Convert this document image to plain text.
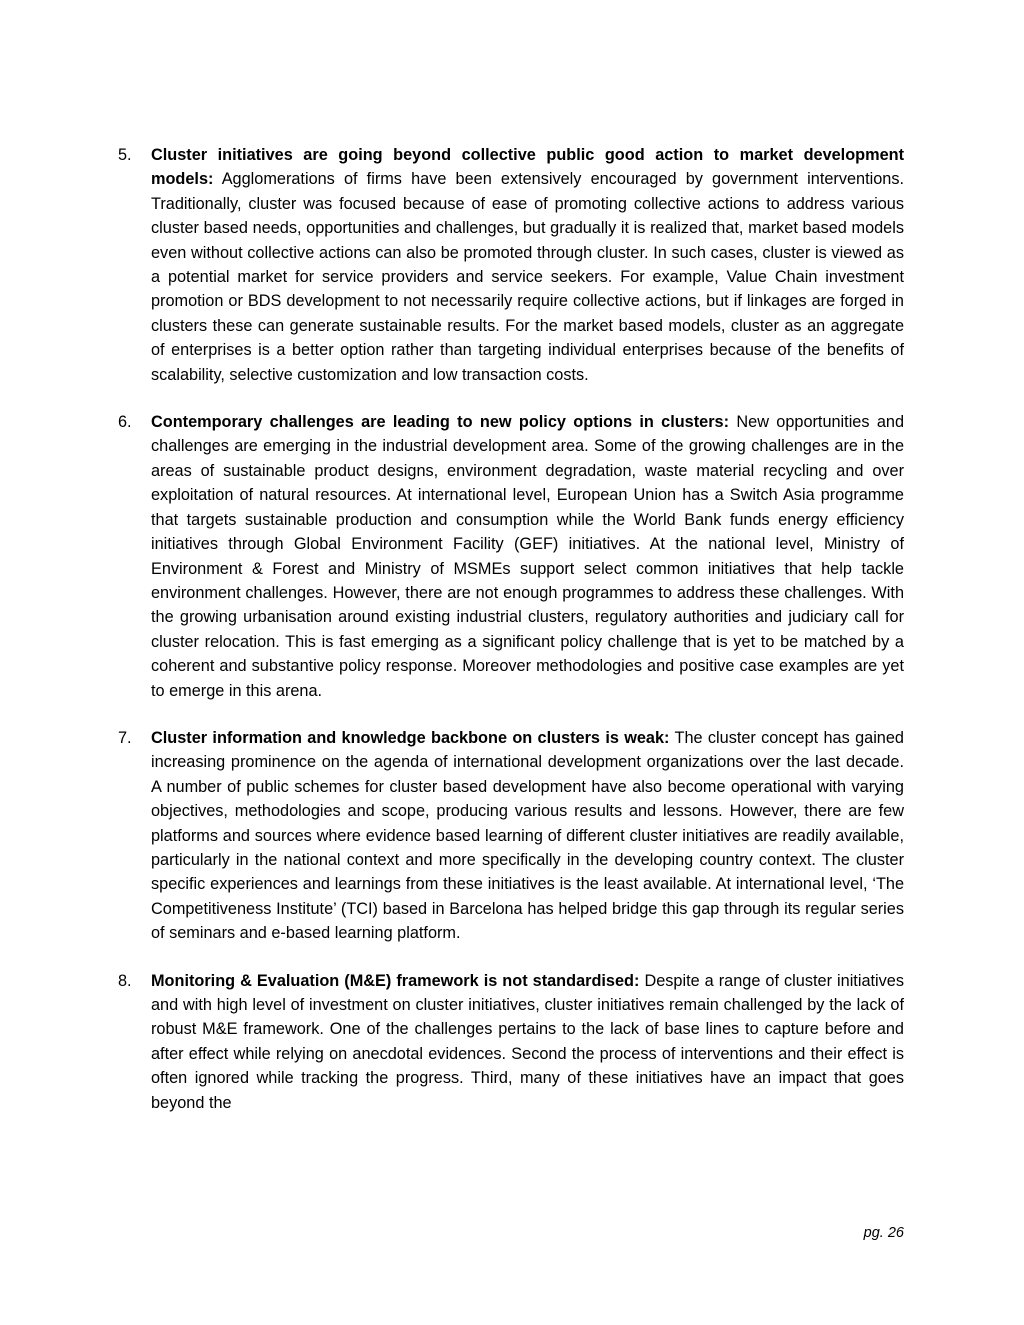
5.	Cluster initiatives are going beyond collective public good action to market development models: Agglomerations of firms have been extensively encouraged by government interventions. Traditionally, cluster was focused because of ease of promoting collective actions to address various cluster based needs, opportunities and challenges, but gradually it is realized that, market based models even without collective actions can also be promoted through cluster. In such cases, cluster is viewed as a potential market for service providers and service seekers. For example, Value Chain investment promotion or BDS development to not necessarily require collective actions, but if linkages are forged in clusters these can generate sustainable results. For the market based models, cluster as an aggregate of enterprises is a better option rather than targeting individual enterprises because of the benefits of scalability, selective customization and low transaction costs.
6.	Contemporary challenges are leading to new policy options in clusters: New opportunities and challenges are emerging in the industrial development area. Some of the growing challenges are in the areas of sustainable product designs, environment degradation, waste material recycling and over exploitation of natural resources. At international level, European Union has a Switch Asia programme that targets sustainable production and consumption while the World Bank funds energy efficiency initiatives through Global Environment Facility (GEF) initiatives. At the national level, Ministry of Environment & Forest and Ministry of MSMEs support select common initiatives that help tackle environment challenges. However, there are not enough programmes to address these challenges. With the growing urbanisation around existing industrial clusters, regulatory authorities and judiciary call for cluster relocation. This is fast emerging as a significant policy challenge that is yet to be matched by a coherent and substantive policy response. Moreover methodologies and positive case examples are yet to emerge in this arena.
7.	Cluster information and knowledge backbone on clusters is weak: The cluster concept has gained increasing prominence on the agenda of international development organizations over the last decade. A number of public schemes for cluster based development have also become operational with varying objectives, methodologies and scope, producing various results and lessons. However, there are few platforms and sources where evidence based learning of different cluster initiatives are readily available, particularly in the national context and more specifically in the developing country context. The cluster specific experiences and learnings from these initiatives is the least available. At international level, ‘The Competitiveness Institute’ (TCI) based in Barcelona has helped bridge this gap through its regular series of seminars and e-based learning platform.
8.	Monitoring & Evaluation (M&E) framework is not standardised: Despite a range of cluster initiatives and with high level of investment on cluster initiatives, cluster initiatives remain challenged by the lack of robust M&E framework. One of the challenges pertains to the lack of base lines to capture before and after effect while relying on anecdotal evidences. Second the process of interventions and their effect is often ignored while tracking the progress. Third, many of these initiatives have an impact that goes beyond the
pg. 26
